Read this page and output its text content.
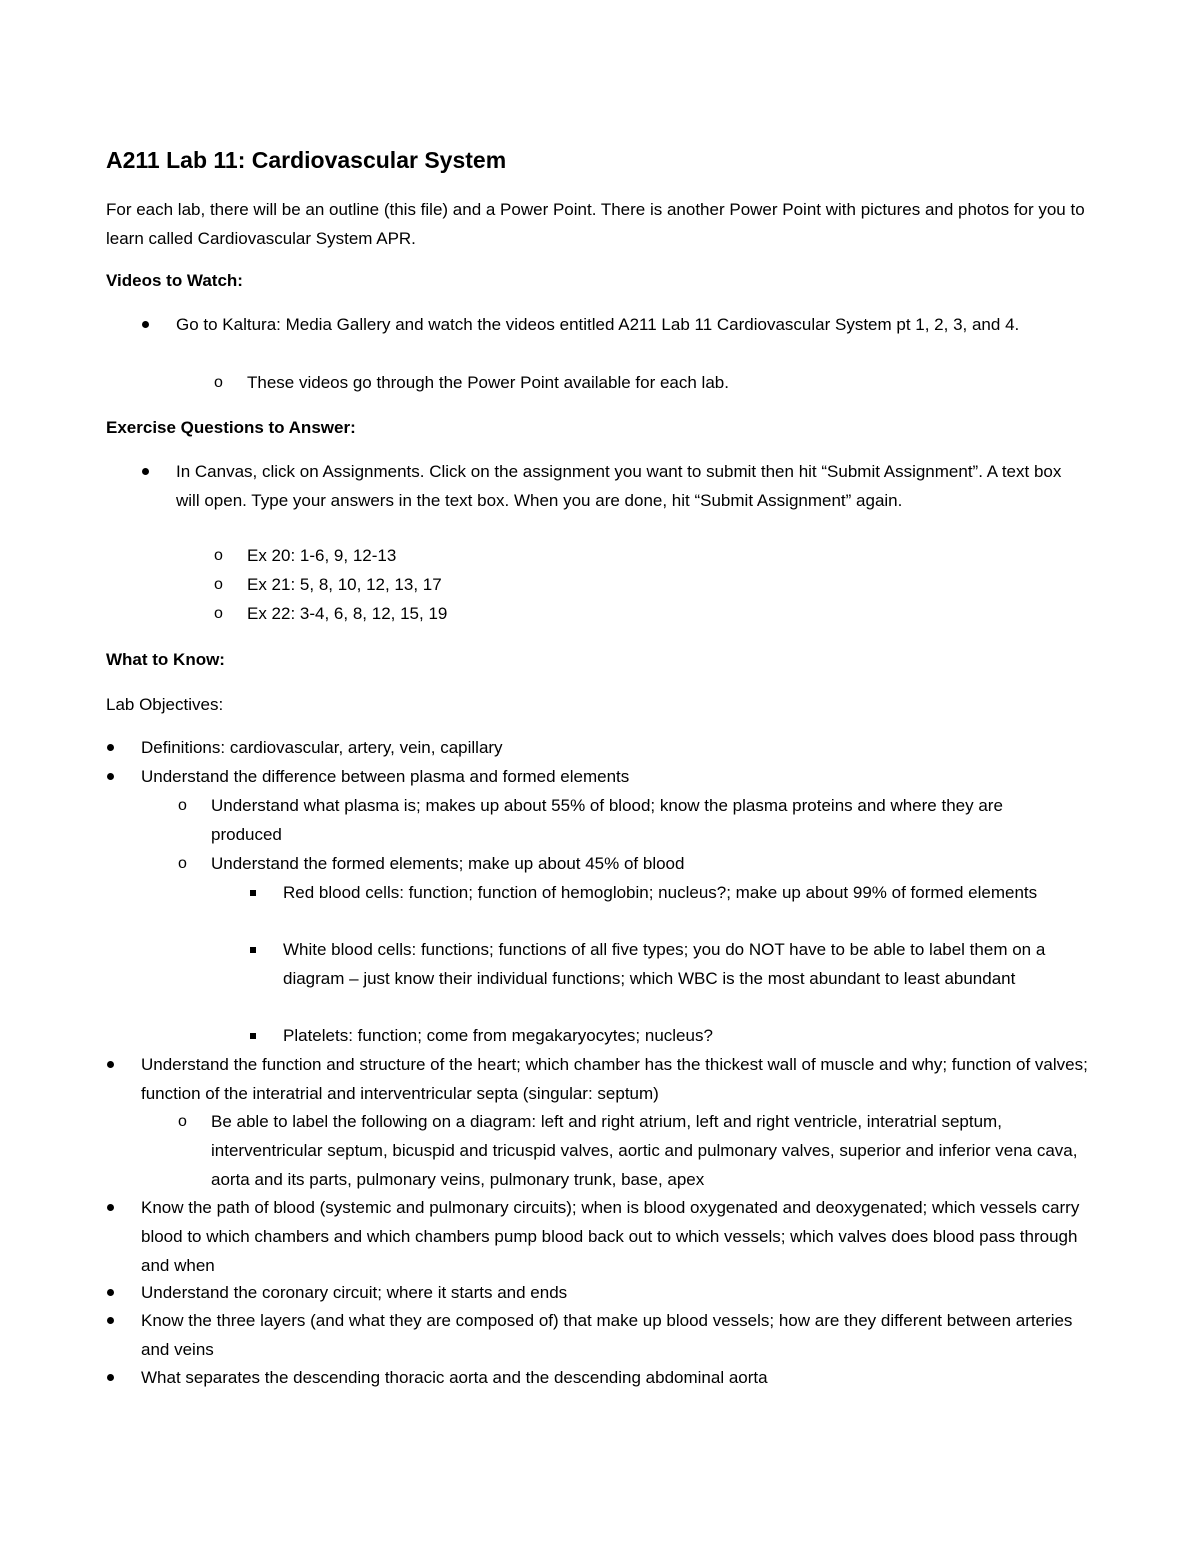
A211 Lab 11: Cardiovascular System
For each lab, there will be an outline (this file) and a Power Point. There is another Power Point with pictures and photos for you to learn called Cardiovascular System APR.
Videos to Watch:
Go to Kaltura: Media Gallery and watch the videos entitled A211 Lab 11 Cardiovascular System pt 1, 2, 3, and 4.
o These videos go through the Power Point available for each lab.
Exercise Questions to Answer:
In Canvas, click on Assignments. Click on the assignment you want to submit then hit “Submit Assignment”. A text box will open. Type your answers in the text box. When you are done, hit “Submit Assignment” again.
o Ex 20: 1-6, 9, 12-13
o Ex 21: 5, 8, 10, 12, 13, 17
o Ex 22: 3-4, 6, 8, 12, 15, 19
What to Know:
Lab Objectives:
Definitions: cardiovascular, artery, vein, capillary
Understand the difference between plasma and formed elements
o Understand what plasma is; makes up about 55% of blood; know the plasma proteins and where they are produced
o Understand the formed elements; make up about 45% of blood
Red blood cells: function; function of hemoglobin; nucleus?; make up about 99% of formed elements
White blood cells: functions; functions of all five types; you do NOT have to be able to label them on a diagram – just know their individual functions; which WBC is the most abundant to least abundant
Platelets: function; come from megakaryocytes; nucleus?
Understand the function and structure of the heart; which chamber has the thickest wall of muscle and why; function of valves; function of the interatrial and interventricular septa (singular: septum)
o Be able to label the following on a diagram: left and right atrium, left and right ventricle, interatrial septum, interventricular septum, bicuspid and tricuspid valves, aortic and pulmonary valves, superior and inferior vena cava, aorta and its parts, pulmonary veins, pulmonary trunk, base, apex
Know the path of blood (systemic and pulmonary circuits); when is blood oxygenated and deoxygenated; which vessels carry blood to which chambers and which chambers pump blood back out to which vessels; which valves does blood pass through and when
Understand the coronary circuit; where it starts and ends
Know the three layers (and what they are composed of) that make up blood vessels; how are they different between arteries and veins
What separates the descending thoracic aorta and the descending abdominal aorta
